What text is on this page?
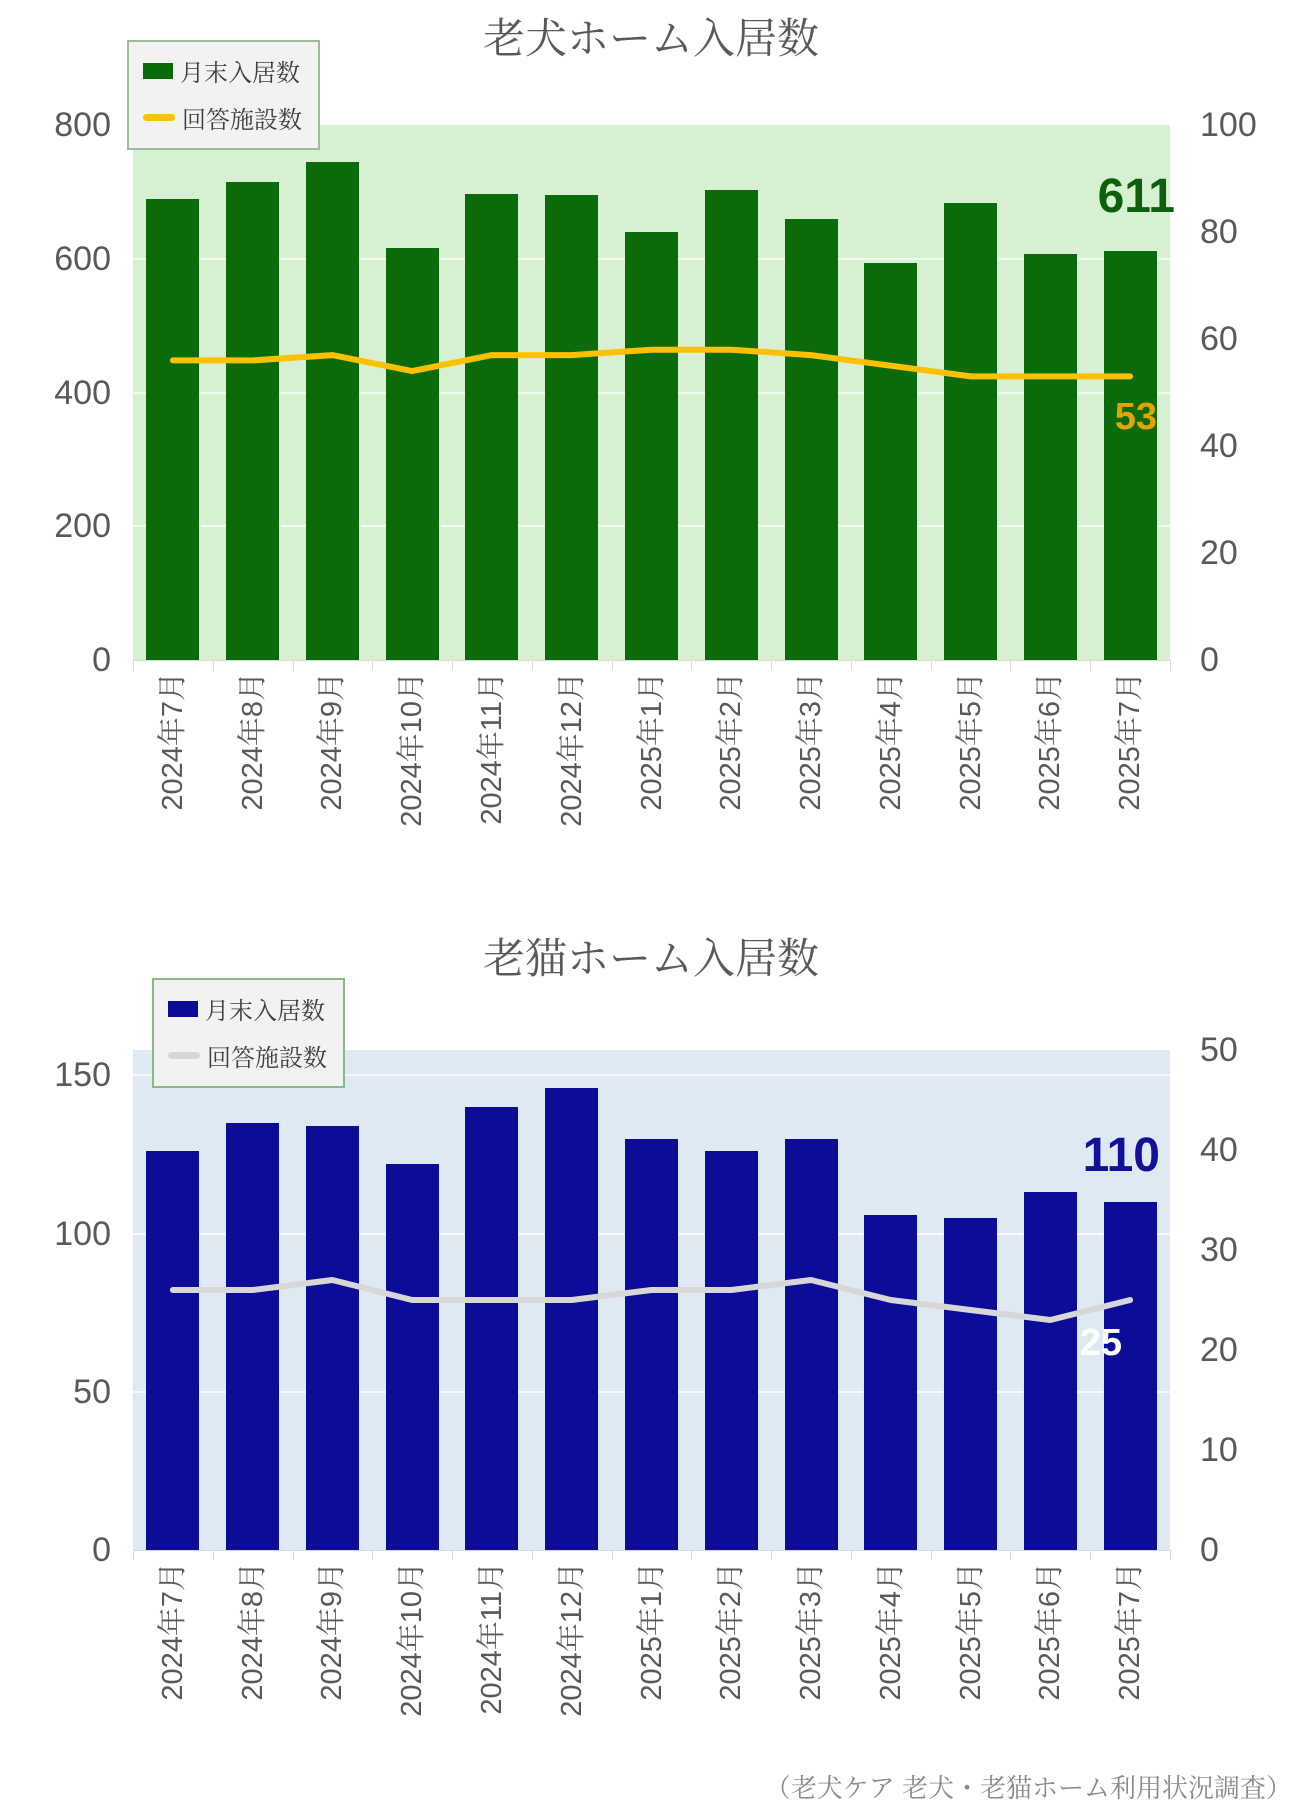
老犬ホーム入居数
月末入居数
回答施設数
800
600
400
200
0
100
80
60
40
20
0
2024年7月 2024年8月 2024年9月 2024年10月 2024年11月 2024年12月 2025年1月 2025年2月 2025年3月 2025年4月 2025年5月 2025年6月 2025年7月
611
53
老猫ホーム入居数
月末入居数
回答施設数
150
100
50
0
50
40
30
20
10
0
2024年7月 2024年8月 2024年9月 2024年10月 2024年11月 2024年12月 2025年1月 2025年2月 2025年3月 2025年4月 2025年5月 2025年6月 2025年7月
110
25
（老犬ケア 老犬・老猫ホーム利用状況調査）
